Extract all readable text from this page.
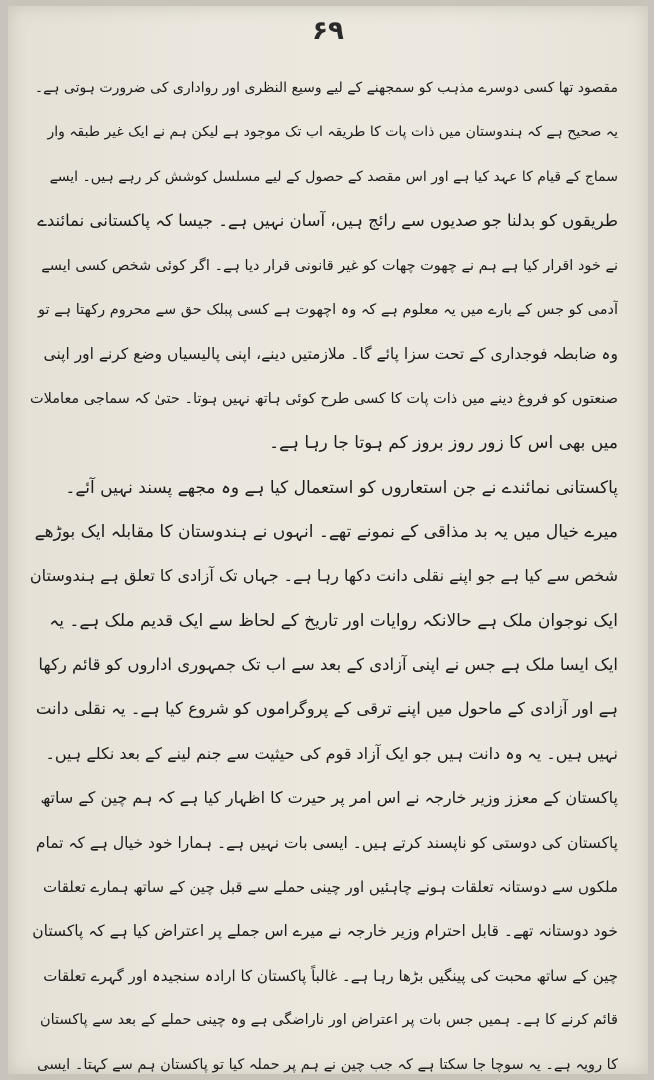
۶۹
مقصود تھا کسی دوسرے مذہب کو سمجھنے کے لیے وسیع النظری اور رواداری کی ضرورت ہوتی ہے۔
یہ صحیح ہے کہ ہندوستان میں ذات پات کا طریقہ اب تک موجود ہے لیکن ہم نے ایک غیر طبقہ وار
سماج کے قیام کا عہد کیا ہے اور اس مقصد کے حصول کے لیے مسلسل کوشش کر رہے ہیں۔ ایسے
طریقوں کو بدلنا جو صدیوں سے رائج ہیں، آسان نہیں ہے۔ جیسا کہ پاکستانی نمائندے
نے خود اقرار کیا ہے ہم نے چھوت چھات کو غیر قانونی قرار دیا ہے۔ اگر کوئی شخص کسی ایسے
آدمی کو جس کے بارے میں یہ معلوم ہے کہ وہ اچھوت ہے کسی پبلک حق سے محروم رکھتا ہے تو
وہ ضابطہ فوجداری کے تحت سزا پائے گا۔ ملازمتیں دینے، اپنی پالیسیاں وضع کرنے اور اپنی
صنعتوں کو فروغ دینے میں ذات پات کا کسی طرح کوئی ہاتھ نہیں ہوتا۔ حتیٰ کہ سماجی معاملات
میں بھی اس کا زور روز بروز کم ہوتا جا رہا ہے۔
پاکستانی نمائندے نے جن استعاروں کو استعمال کیا ہے وہ مجھے پسند نہیں آئے۔
میرے خیال میں یہ بد مذاقی کے نمونے تھے۔ انہوں نے ہندوستان کا مقابلہ ایک بوڑھے
شخص سے کیا ہے جو اپنے نقلی دانت دکھا رہا ہے۔ جہاں تک آزادی کا تعلق ہے ہندوستان
ایک نوجوان ملک ہے حالانکہ روایات اور تاریخ کے لحاظ سے ایک قدیم ملک ہے۔ یہ
ایک ایسا ملک ہے جس نے اپنی آزادی کے بعد سے اب تک جمہوری اداروں کو قائم رکھا
ہے اور آزادی کے ماحول میں اپنے ترقی کے پروگراموں کو شروع کیا ہے۔ یہ نقلی دانت
نہیں ہیں۔ یہ وہ دانت ہیں جو ایک آزاد قوم کی حیثیت سے جنم لینے کے بعد نکلے ہیں۔
پاکستان کے معزز وزیر خارجہ نے اس امر پر حیرت کا اظہار کیا ہے کہ ہم چین کے ساتھ
پاکستان کی دوستی کو ناپسند کرتے ہیں۔ ایسی بات نہیں ہے۔ ہمارا خود خیال ہے کہ تمام
ملکوں سے دوستانہ تعلقات ہونے چاہئیں اور چینی حملے سے قبل چین کے ساتھ ہمارے تعلقات
خود دوستانہ تھے۔ قابل احترام وزیر خارجہ نے میرے اس جملے پر اعتراض کیا ہے کہ پاکستان
چین کے ساتھ محبت کی پینگیں بڑھا رہا ہے۔ غالباً پاکستان کا ارادہ سنجیدہ اور گہرے تعلقات
قائم کرنے کا ہے۔ ہمیں جس بات پر اعتراض اور ناراضگی ہے وہ چینی حملے کے بعد سے پاکستان
کا رویہ ہے۔ یہ سوچا جا سکتا ہے کہ جب چین نے ہم پر حملہ کیا تو پاکستان ہم سے کہتا۔ ایسی
